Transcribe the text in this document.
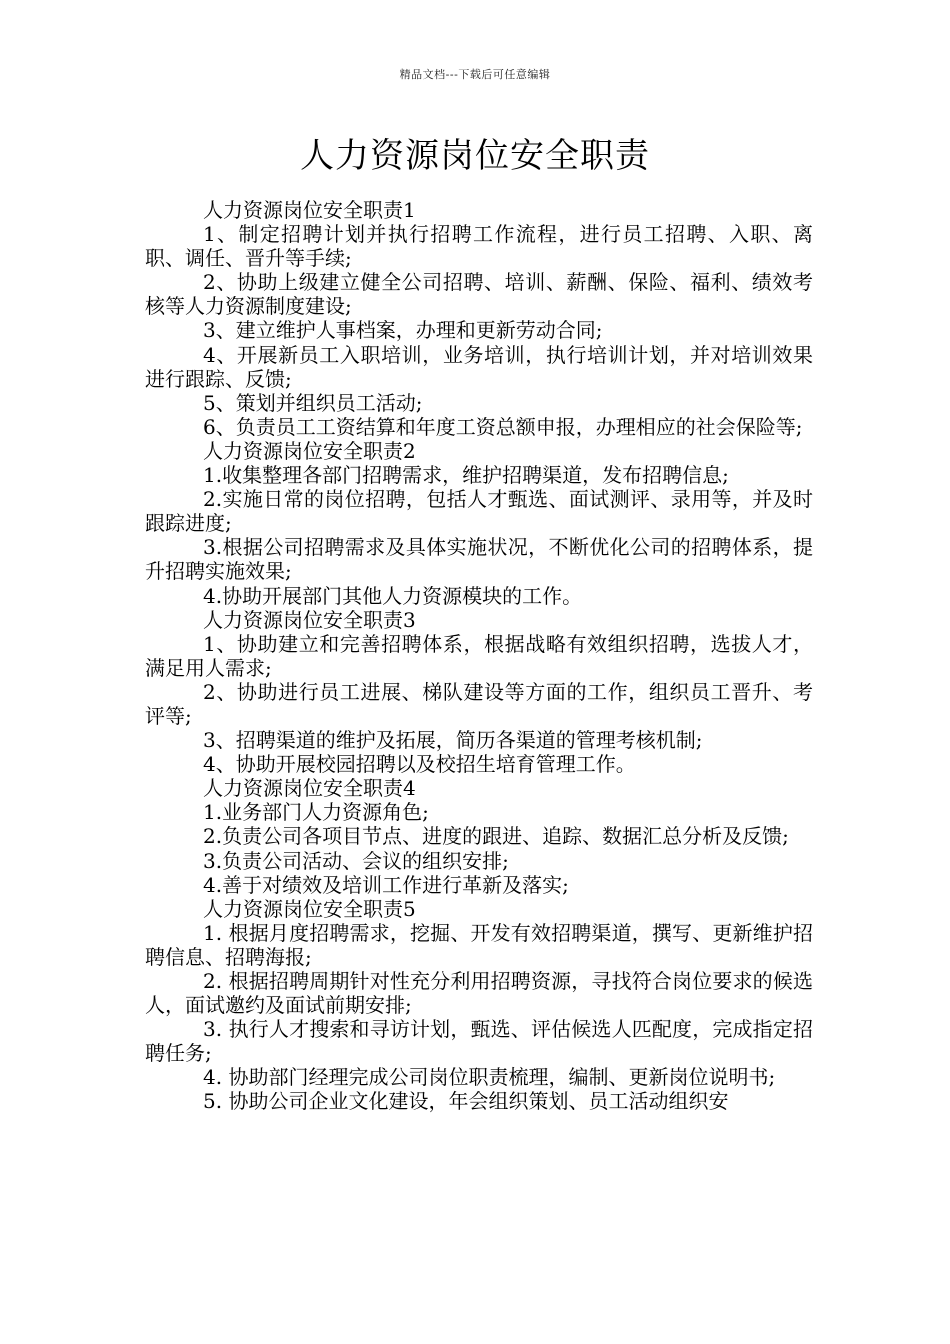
精品文档---下载后可任意编辑
人力资源岗位安全职责

人力资源岗位安全职责1

1、制定招聘计划并执行招聘工作流程，进行员工招聘、入职、离职、调任、晋升等手续;

2、协助上级建立健全公司招聘、培训、薪酬、保险、福利、绩效考核等人力资源制度建设;

3、建立维护人事档案，办理和更新劳动合同;

4、开展新员工入职培训，业务培训，执行培训计划，并对培训效果进行跟踪、反馈;

5、策划并组织员工活动;

6、负责员工工资结算和年度工资总额申报，办理相应的社会保险等;

人力资源岗位安全职责2

1.收集整理各部门招聘需求，维护招聘渠道，发布招聘信息;

2.实施日常的岗位招聘，包括人才甄选、面试测评、录用等，并及时跟踪进度;

3.根据公司招聘需求及具体实施状况，不断优化公司的招聘体系，提升招聘实施效果;

4.协助开展部门其他人力资源模块的工作。

人力资源岗位安全职责3

1、协助建立和完善招聘体系，根据战略有效组织招聘，选拔人才，满足用人需求;

2、协助进行员工进展、梯队建设等方面的工作，组织员工晋升、考评等;

3、招聘渠道的维护及拓展，简历各渠道的管理考核机制;

4、协助开展校园招聘以及校招生培育管理工作。

人力资源岗位安全职责4

1.业务部门人力资源角色;

2.负责公司各项目节点、进度的跟进、追踪、数据汇总分析及反馈;

3.负责公司活动、会议的组织安排;

4.善于对绩效及培训工作进行革新及落实;

人力资源岗位安全职责5

1. 根据月度招聘需求，挖掘、开发有效招聘渠道，撰写、更新维护招聘信息、招聘海报;

2. 根据招聘周期针对性充分利用招聘资源，寻找符合岗位要求的候选人，面试邀约及面试前期安排;

3. 执行人才搜索和寻访计划，甄选、评估候选人匹配度，完成指定招聘任务;

4. 协助部门经理完成公司岗位职责梳理，编制、更新岗位说明书;

5. 协助公司企业文化建设，年会组织策划、员工活动组织安
